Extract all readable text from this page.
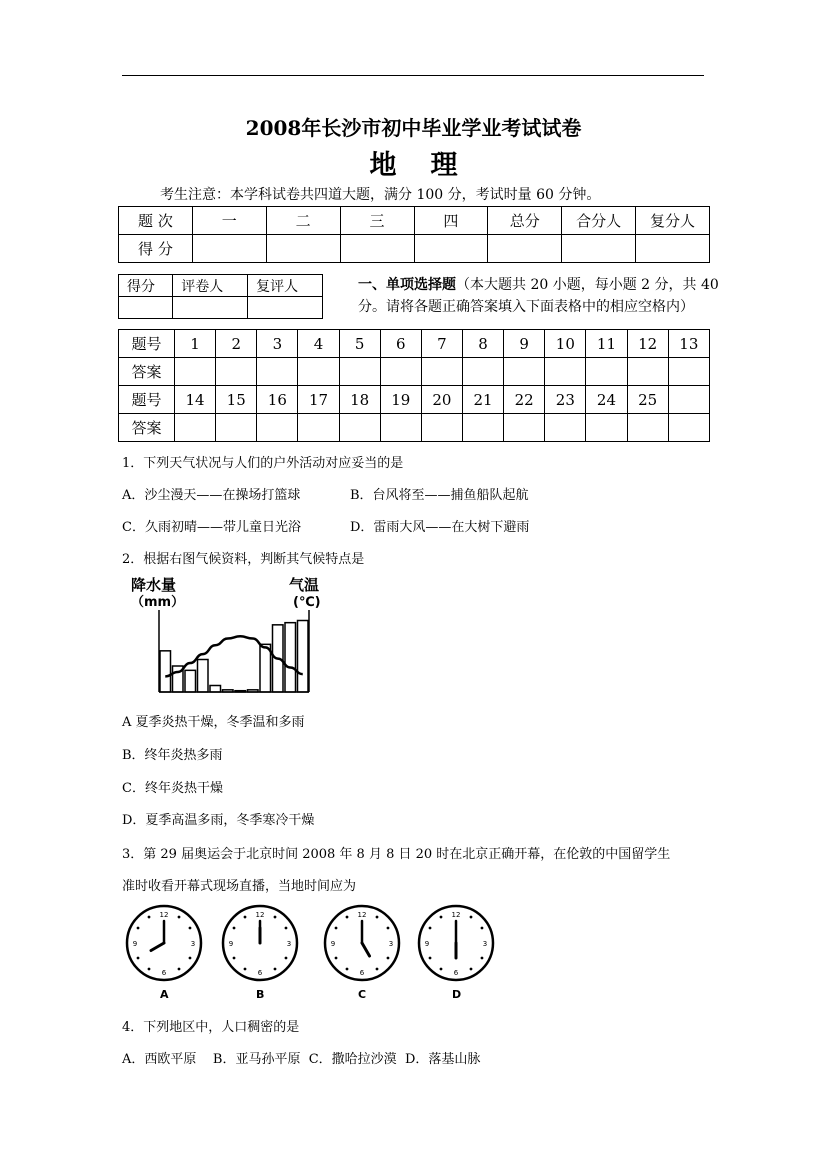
2008年长沙市初中毕业学业考试试卷
地理
考生注意：本学科试卷共四道大题，满分 100 分，考试时量 60 分钟。
题 次	一	二	三	四	总分	合分人	复分人
得 分							
得分	评卷人	复评人
			一、单项选择题（本大题共 20 小题，每小题 2 分，共 40 分。请将各题正确答案填入下面表格中的相应空格内）
题号	1	2	3	4	5	6	7	8	9	10	11	12	13
答案													
题号	14	15	16	17	18	19	20	21	22	23	24	25	
答案													
1．下列天气状况与人们的户外活动对应妥当的是
A．沙尘漫天——在操场打篮球	B．台风将至——捕鱼船队起航
C．久雨初晴——带儿童日光浴	D．雷雨大风——在大树下避雨
2．根据右图气候资料，判断其气候特点是
降水量
（mm）
气温
(℃)
A 夏季炎热干燥，冬季温和多雨
B．终年炎热多雨
C．终年炎热干燥
D．夏季高温多雨，冬季寒冷干燥
3．第 29 届奥运会于北京时间 2008 年 8 月 8 日 20 时在北京正确开幕，在伦敦的中国留学生
准时收看开幕式现场直播，当地时间应为
12
3
6
9
A
12
3
6
9
B
12
3
6
9
C
12
3
6
9
D
4．下列地区中，人口稠密的是
A．西欧平原    B．亚马孙平原  C．撒哈拉沙漠  D．落基山脉
